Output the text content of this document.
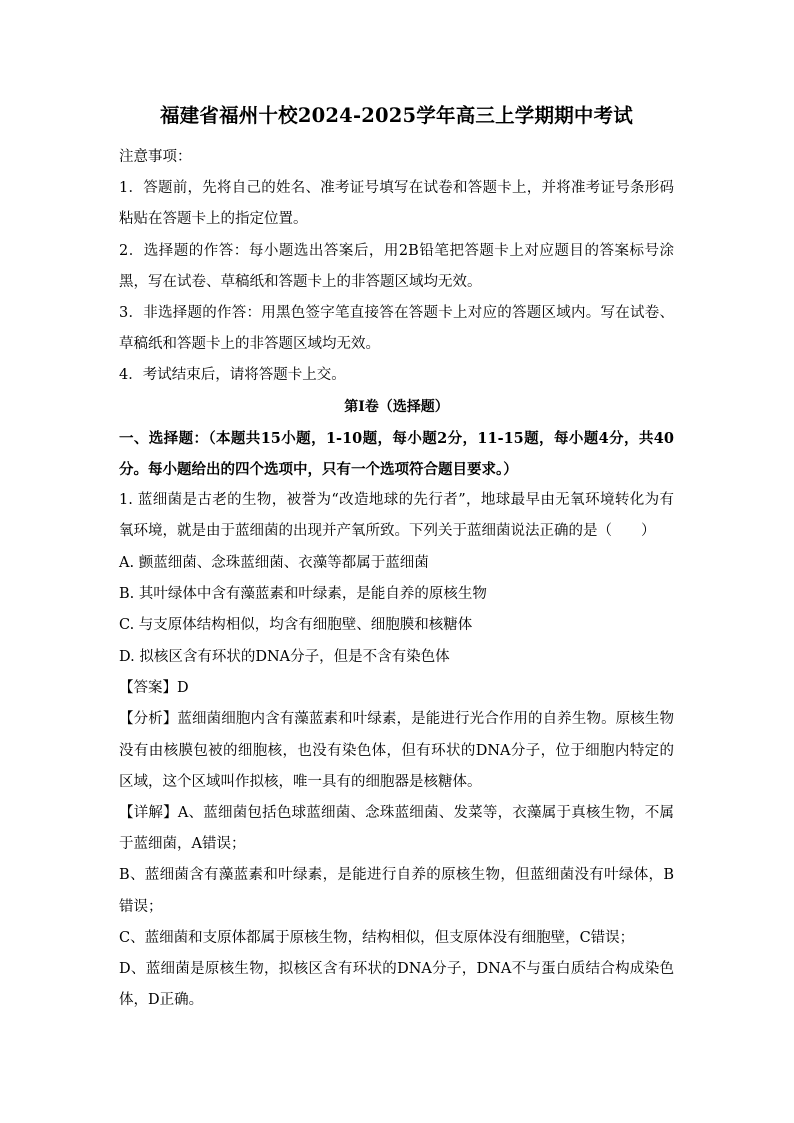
福建省福州十校2024-2025学年高三上学期期中考试

注意事项：

1．答题前，先将自己的姓名、准考证号填写在试卷和答题卡上，并将准考证号条形码粘贴在答题卡上的指定位置。

2．选择题的作答：每小题选出答案后，用2B铅笔把答题卡上对应题目的答案标号涂黑，写在试卷、草稿纸和答题卡上的非答题区域均无效。

3．非选择题的作答：用黑色签字笔直接答在答题卡上对应的答题区域内。写在试卷、草稿纸和答题卡上的非答题区域均无效。

4．考试结束后，请将答题卡上交。

第Ⅰ卷（选择题）

一、选择题：（本题共15小题，1-10题，每小题2分，11-15题，每小题4分，共40分。每小题给出的四个选项中，只有一个选项符合题目要求。）

1. 蓝细菌是古老的生物，被誉为“改造地球的先行者”，地球最早由无氧环境转化为有氧环境，就是由于蓝细菌的出现并产氧所致。下列关于蓝细菌说法正确的是（　　）

A. 颤蓝细菌、念珠蓝细菌、衣藻等都属于蓝细菌

B. 其叶绿体中含有藻蓝素和叶绿素，是能自养的原核生物

C. 与支原体结构相似，均含有细胞壁、细胞膜和核糖体

D. 拟核区含有环状的DNA分子，但是不含有染色体

【答案】D

【分析】蓝细菌细胞内含有藻蓝素和叶绿素，是能进行光合作用的自养生物。原核生物没有由核膜包被的细胞核，也没有染色体，但有环状的DNA分子，位于细胞内特定的区域，这个区域叫作拟核，唯一具有的细胞器是核糖体。

【详解】A、蓝细菌包括色球蓝细菌、念珠蓝细菌、发菜等，衣藻属于真核生物，不属于蓝细菌，A错误；

B、蓝细菌含有藻蓝素和叶绿素，是能进行自养的原核生物，但蓝细菌没有叶绿体，B错误；

C、蓝细菌和支原体都属于原核生物，结构相似，但支原体没有细胞壁，C错误；

D、蓝细菌是原核生物，拟核区含有环状的DNA分子，DNA不与蛋白质结合构成染色体，D正确。
